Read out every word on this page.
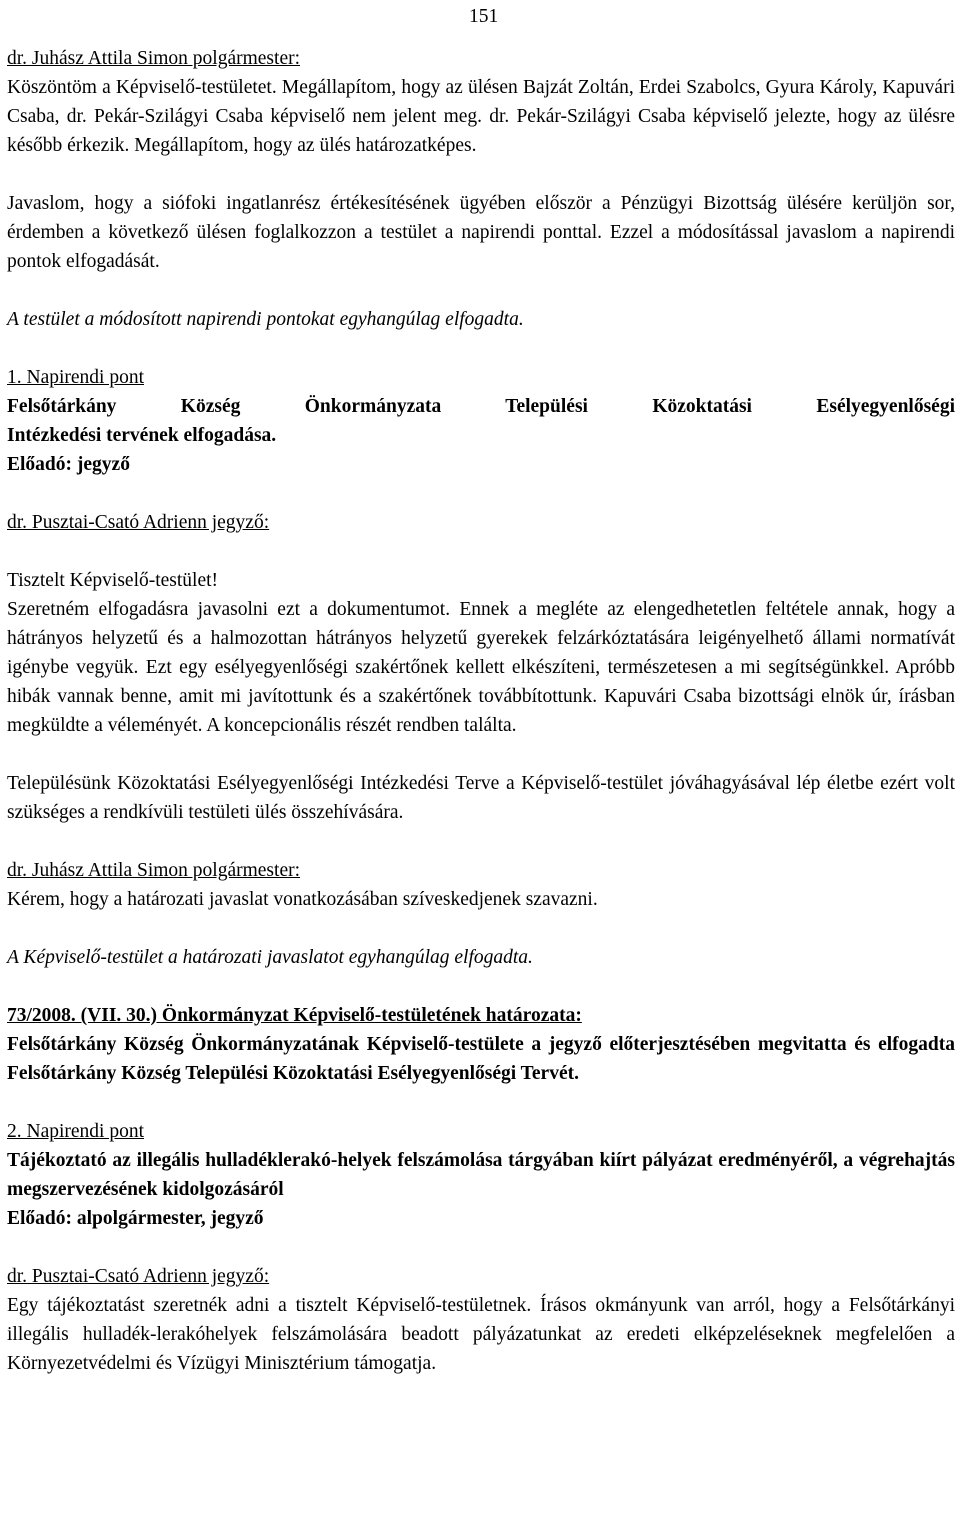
151

dr. Juhász Attila Simon polgármester:

Köszöntöm a Képviselő-testületet. Megállapítom, hogy az ülésen Bajzát Zoltán, Erdei Szabolcs, Gyura Károly, Kapuvári Csaba, dr. Pekár-Szilágyi Csaba képviselő nem jelent meg. dr. Pekár-Szilágyi Csaba képviselő jelezte, hogy az ülésre később érkezik. Megállapítom, hogy az ülés határozatképes.

Javaslom, hogy a siófoki ingatlanrész értékesítésének ügyében először a Pénzügyi Bizottság ülésére kerüljön sor, érdemben a következő ülésen foglalkozzon a testület a napirendi ponttal. Ezzel a módosítással javaslom a napirendi pontok elfogadását.

A testület a módosított napirendi pontokat egyhangúlag elfogadta.

1. Napirendi pont

Felsőtárkány Község Önkormányzata Települési Közoktatási Esélyegyenlőségi

Intézkedési tervének elfogadása.

Előadó: jegyző

dr. Pusztai-Csató Adrienn jegyző:

Tisztelt Képviselő-testület!

Szeretném elfogadásra javasolni ezt a dokumentumot. Ennek a megléte az elengedhetetlen feltétele annak, hogy a hátrányos helyzetű és a halmozottan hátrányos helyzetű gyerekek felzárkóztatására leigényelhető állami normatívát igénybe vegyük. Ezt egy esélyegyenlőségi szakértőnek kellett elkészíteni, természetesen a mi segítségünkkel. Apróbb hibák vannak benne, amit mi javítottunk és a szakértőnek továbbítottunk. Kapuvári Csaba bizottsági elnök úr, írásban megküldte a véleményét. A koncepcionális részét rendben találta.

Településünk Közoktatási Esélyegyenlőségi Intézkedési Terve a Képviselő-testület jóváhagyásával lép életbe ezért volt szükséges a rendkívüli testületi ülés összehívására.

dr. Juhász Attila Simon polgármester:

Kérem, hogy a határozati javaslat vonatkozásában szíveskedjenek szavazni.

A Képviselő-testület a határozati javaslatot egyhangúlag elfogadta.

73/2008. (VII. 30.) Önkormányzat Képviselő-testületének határozata:

Felsőtárkány Község Önkormányzatának Képviselő-testülete a jegyző előterjesztésében megvitatta és elfogadta Felsőtárkány Község Települési Közoktatási Esélyegyenlőségi Tervét.

2. Napirendi pont

Tájékoztató az illegális hulladéklerakó-helyek felszámolása tárgyában kiírt pályázat eredményéről, a végrehajtás megszervezésének kidolgozásáról

Előadó: alpolgármester, jegyző

dr. Pusztai-Csató Adrienn jegyző:

Egy tájékoztatást szeretnék adni a tisztelt Képviselő-testületnek. Írásos okmányunk van arról, hogy a Felsőtárkányi illegális hulladék-lerakóhelyek felszámolására beadott pályázatunkat az eredeti elképzeléseknek megfelelően a Környezetvédelmi és Vízügyi Minisztérium támogatja.
